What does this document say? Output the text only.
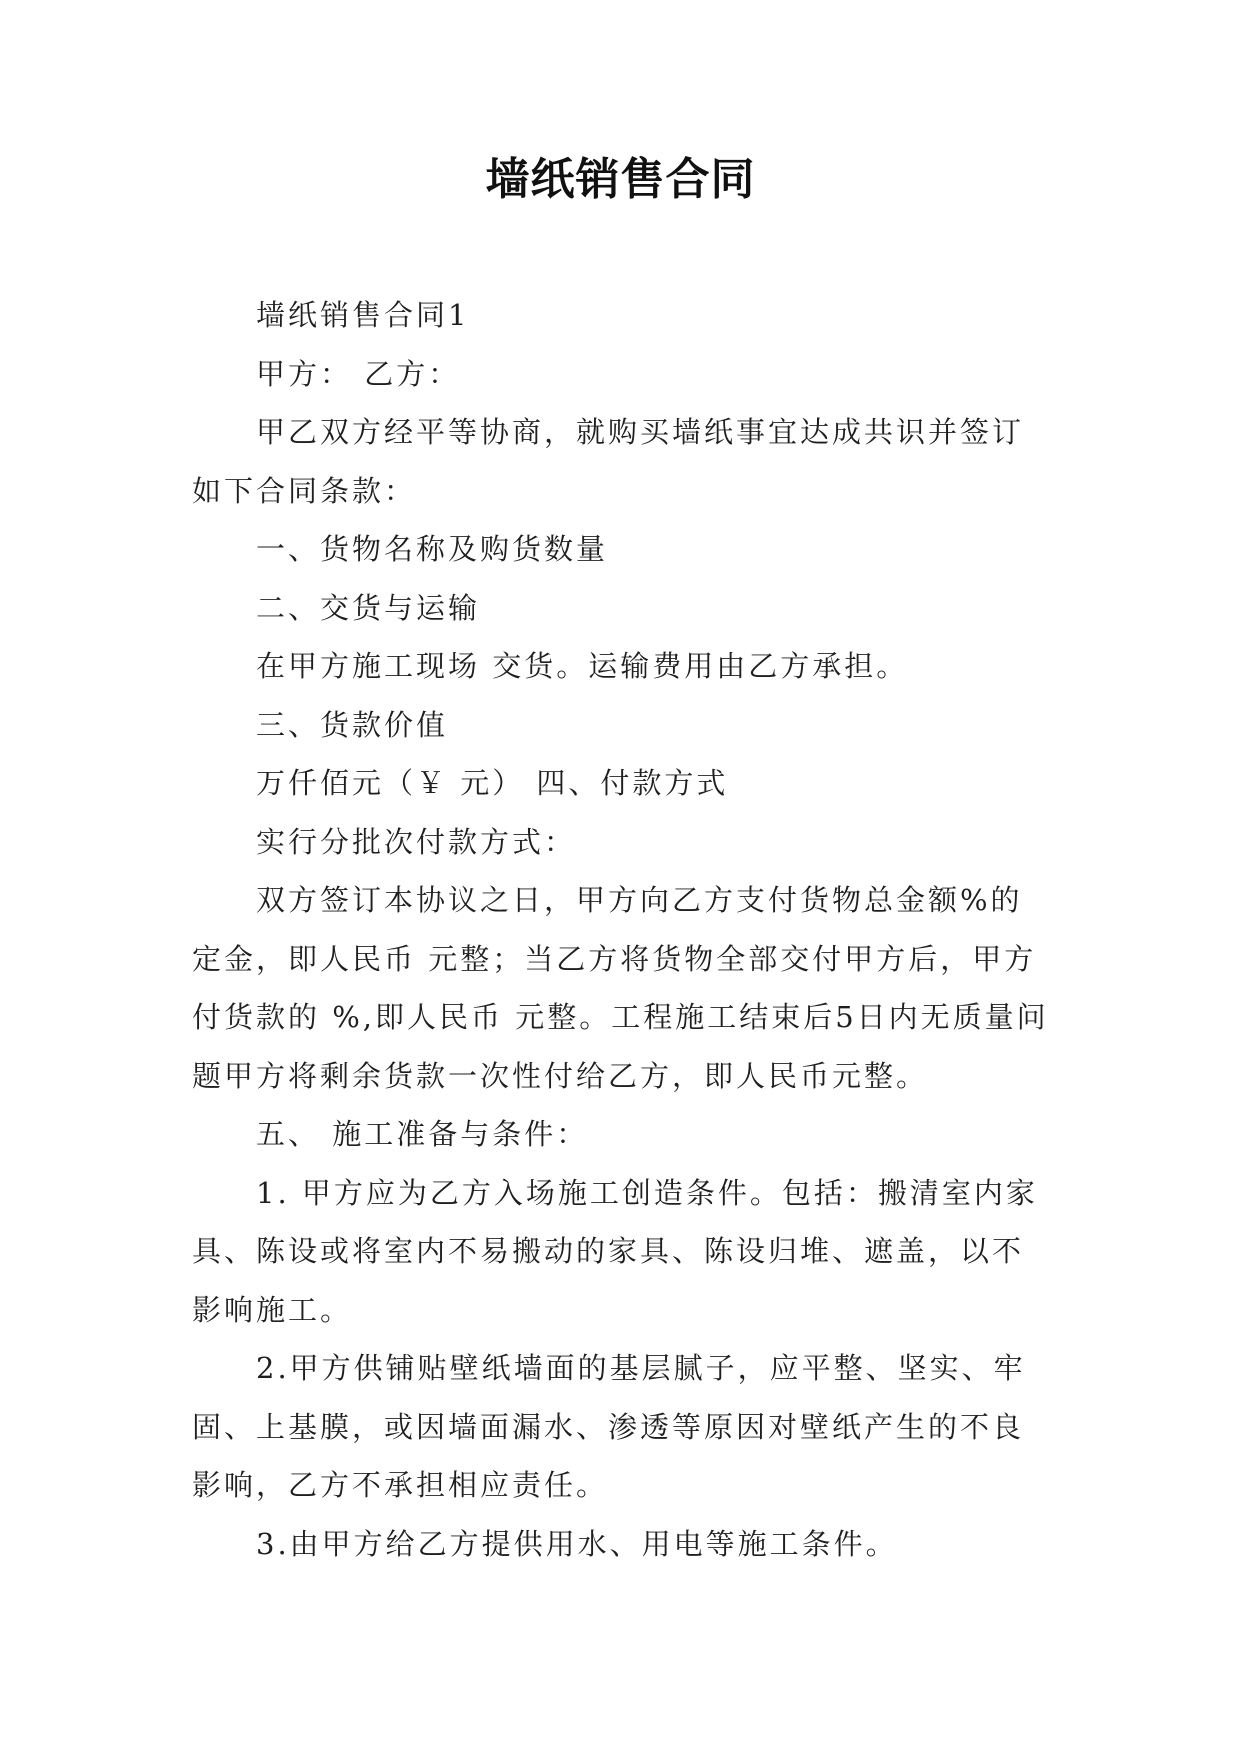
墙纸销售合同

墙纸销售合同1

甲方： 乙方：

甲乙双方经平等协商，就购买墙纸事宜达成共识并签订如下合同条款：

一、货物名称及购货数量

二、交货与运输

在甲方施工现场 交货。运输费用由乙方承担。

三、货款价值

万仟佰元（￥ 元） 四、付款方式

实行分批次付款方式：

双方签订本协议之日，甲方向乙方支付货物总金额%的定金，即人民币 元整；当乙方将货物全部交付甲方后，甲方付货款的 %,即人民币 元整。工程施工结束后5日内无质量问题甲方将剩余货款一次性付给乙方，即人民币元整。

五、 施工准备与条件：

1. 甲方应为乙方入场施工创造条件。包括：搬清室内家具、陈设或将室内不易搬动的家具、陈设归堆、遮盖，以不影响施工。

2.甲方供铺贴壁纸墙面的基层腻子，应平整、坚实、牢固、上基膜，或因墙面漏水、渗透等原因对壁纸产生的不良影响，乙方不承担相应责任。

3.由甲方给乙方提供用水、用电等施工条件。
